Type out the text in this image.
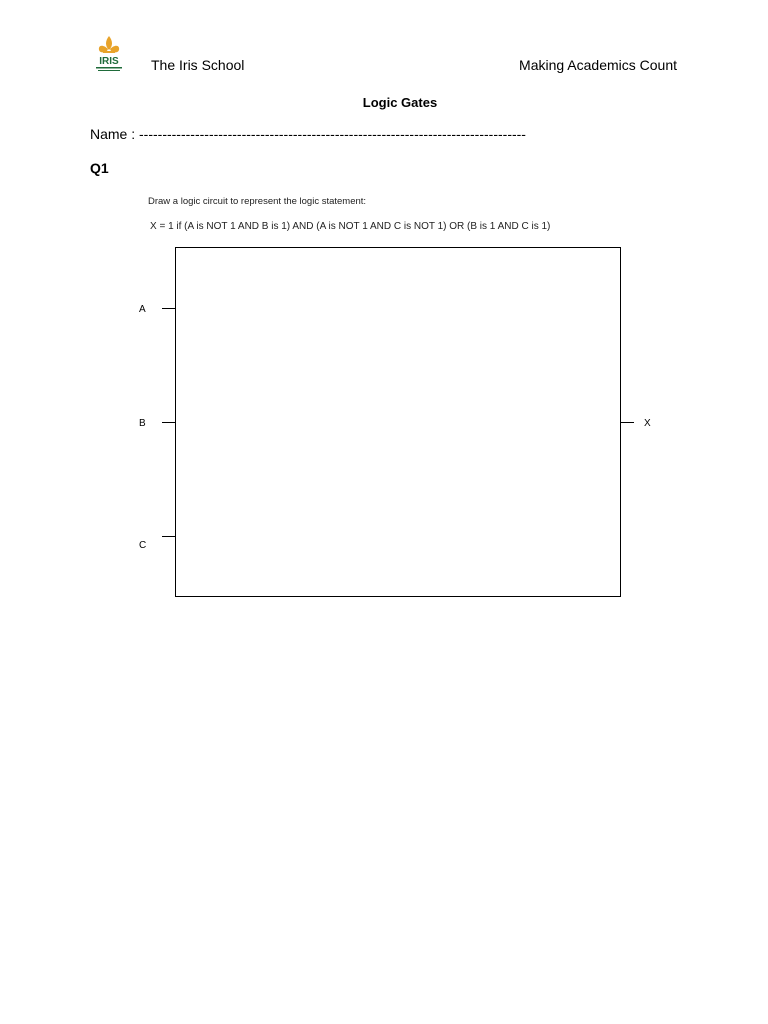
IRIS The Iris School	Making Academics Count
Logic Gates
Name : -----------------------------------------------------------------------------------
Q1
Draw a logic circuit to represent the logic statement:
X = 1 if (A is NOT 1 AND B is 1) AND (A is NOT 1 AND C is NOT 1) OR (B is 1 AND C is 1)
A
B
C
X
